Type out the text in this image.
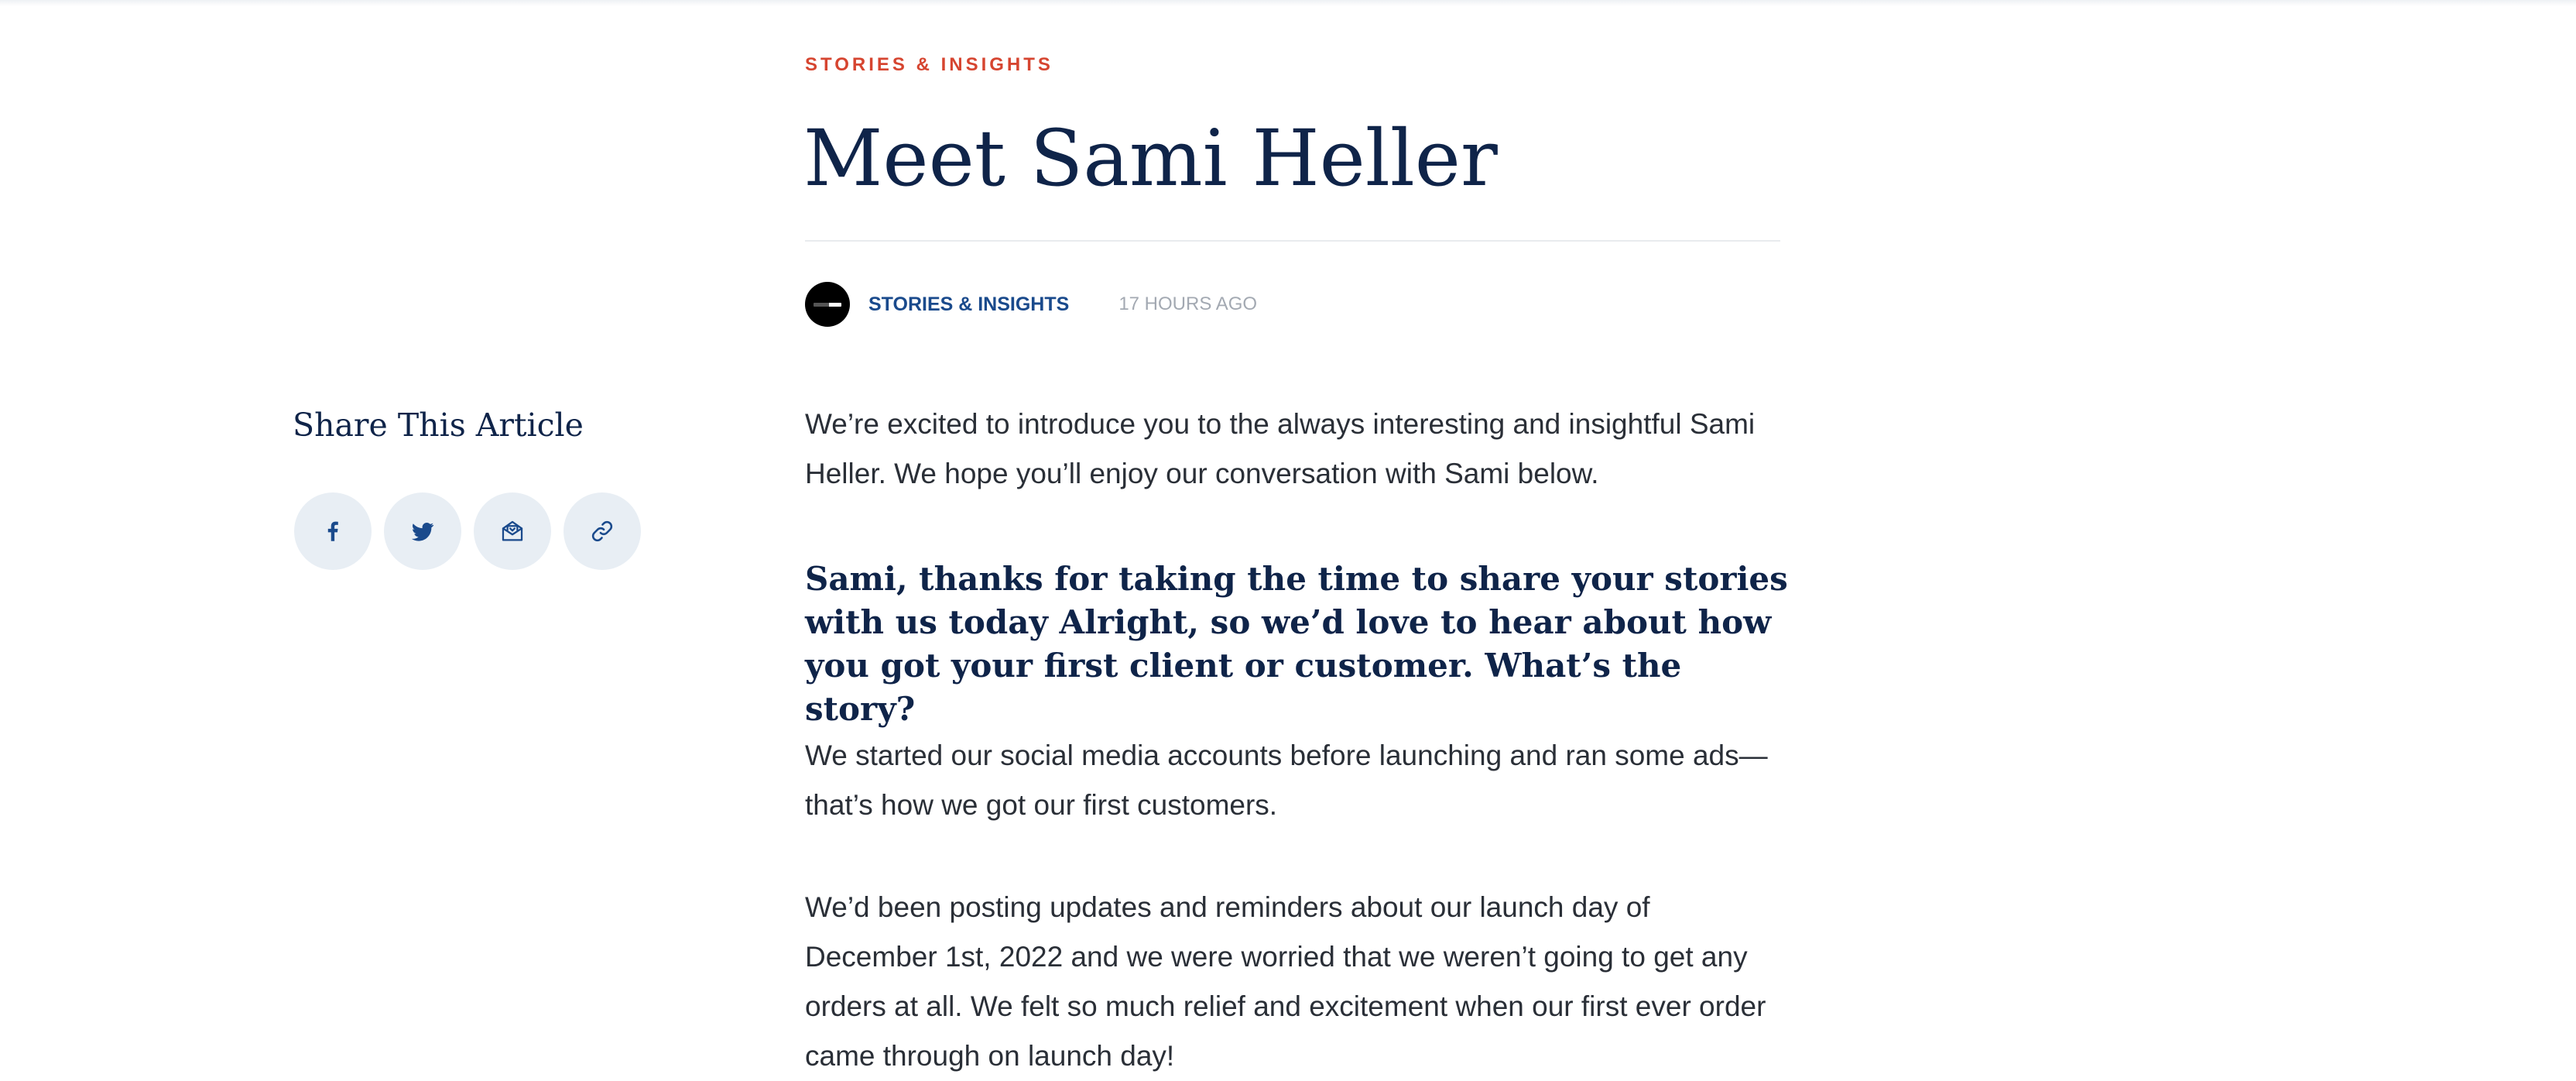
STORIES & INSIGHTS
Meet Sami Heller
STORIES & INSIGHTS	17 HOURS AGO
Share This Article	We’re excited to introduce you to the always interesting and insightful Sami Heller. We hope you’ll enjoy our conversation with Sami below.

Sami, thanks for taking the time to share your stories with us today Alright, so we’d love to hear about how you got your first client or customer. What’s the story?

We started our social media accounts before launching and ran some ads—that’s how we got our first customers.

We’d been posting updates and reminders about our launch day of December 1st, 2022 and we were worried that we weren’t going to get any orders at all. We felt so much relief and excitement when our first ever order came through on launch day!
